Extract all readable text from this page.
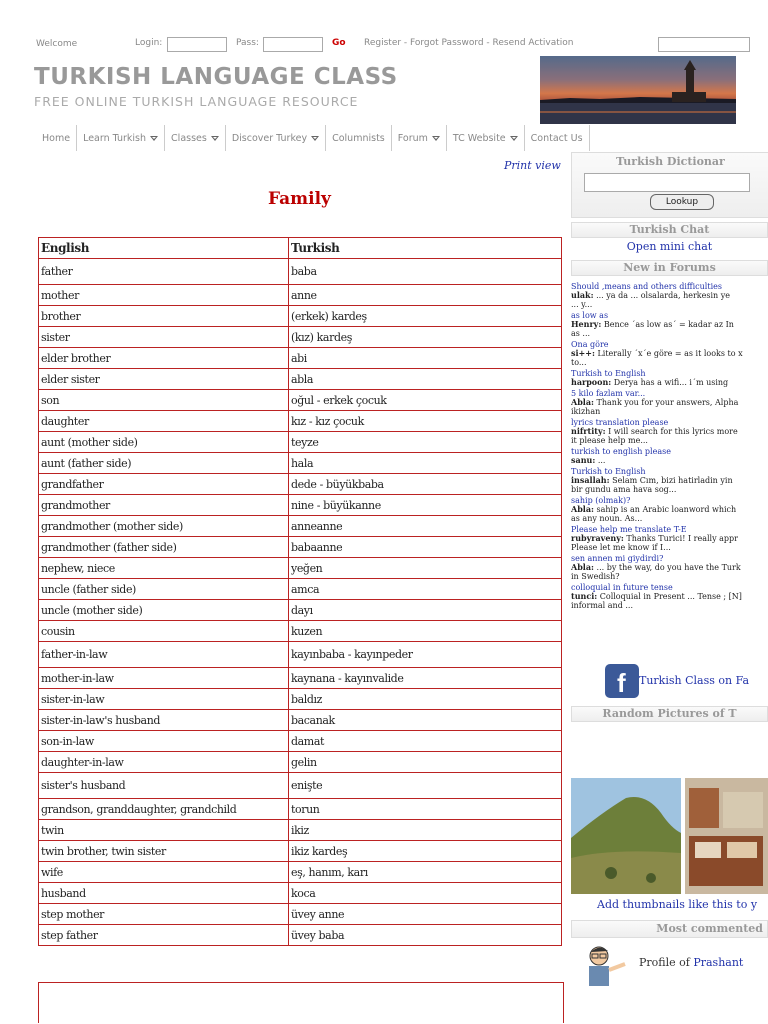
Welcome	Login:	Pass:	Go Register - Forgot Password - Resend Activation
TURKISH LANGUAGE CLASS
FREE ONLINE TURKISH LANGUAGE RESOURCE
Home Learn Turkish	Classes	Discover Turkey	Columnists Forum	TC Website	Contact Us
Print view
Family
English	Turkish
father	baba
mother	anne
brother	(erkek) kardeş
sister	(kız) kardeş
elder brother	abi
elder sister	abla
son	oğul - erkek çocuk
daughter	kız - kız çocuk
aunt (mother side)	teyze
aunt (father side)	hala
grandfather	dede - büyükbaba
grandmother	nine - büyükanne
grandmother (mother side)	anneanne
grandmother (father side)	babaanne
nephew, niece	yeğen
uncle (father side)	amca
uncle (mother side)	dayı
cousin	kuzen
father-in-law	kayınbaba - kayınpeder
mother-in-law	kaynana - kayınvalide
sister-in-law	baldız
sister-in-law's husband	bacanak
son-in-law	damat
daughter-in-law	gelin
sister's husband	enişte
grandson, granddaughter, grandchild	torun
twin	ikiz
twin brother, twin sister	ikiz kardeş
wife	eş, hanım, karı
husband	koca
step mother	üvey anne
step father	üvey baba
Turkish Dictionar
Lookup
Turkish Chat
Open mini chat
New in Forums
Should ,means and others difficulties
ulak: ... ya da ... olsalarda, herkesin ye
... y...
as low as
Henry: Bence ´as low as´ = kadar az In
as ...
Ona göre
si++: Literally ´x´e göre = as it looks to x
to...
Turkish to English
harpoon: Derya has a wifi... i´m using
5 kilo fazlam var...
Abla: Thank you for your answers, Alpha
ikizhan
lyrics translation please
nifrtity: I will search for this lyrics more
it please help me...
turkish to english please
sanu: ...
Turkish to English
insallah: Selam Cım, bizi hatirladin yin
bir gundu ama hava sog...
sahip (olmak)?
Abla: sahip is an Arabic loanword which
as any noun. As...
Please help me translate T-E
rubyraveny: Thanks Turici! I really appr
Please let me know if I...
sen annen mi giydirdi?
Abla: ... by the way, do you have the Turk
in Swedish?
colloquial in future tense
tunci: Colloquial in Present ... Tense ; [N]
informal and ...
f Turkish Class on Fa
Random Pictures of T
Add thumbnails like this to y
Most commented
Profile of Prashant
